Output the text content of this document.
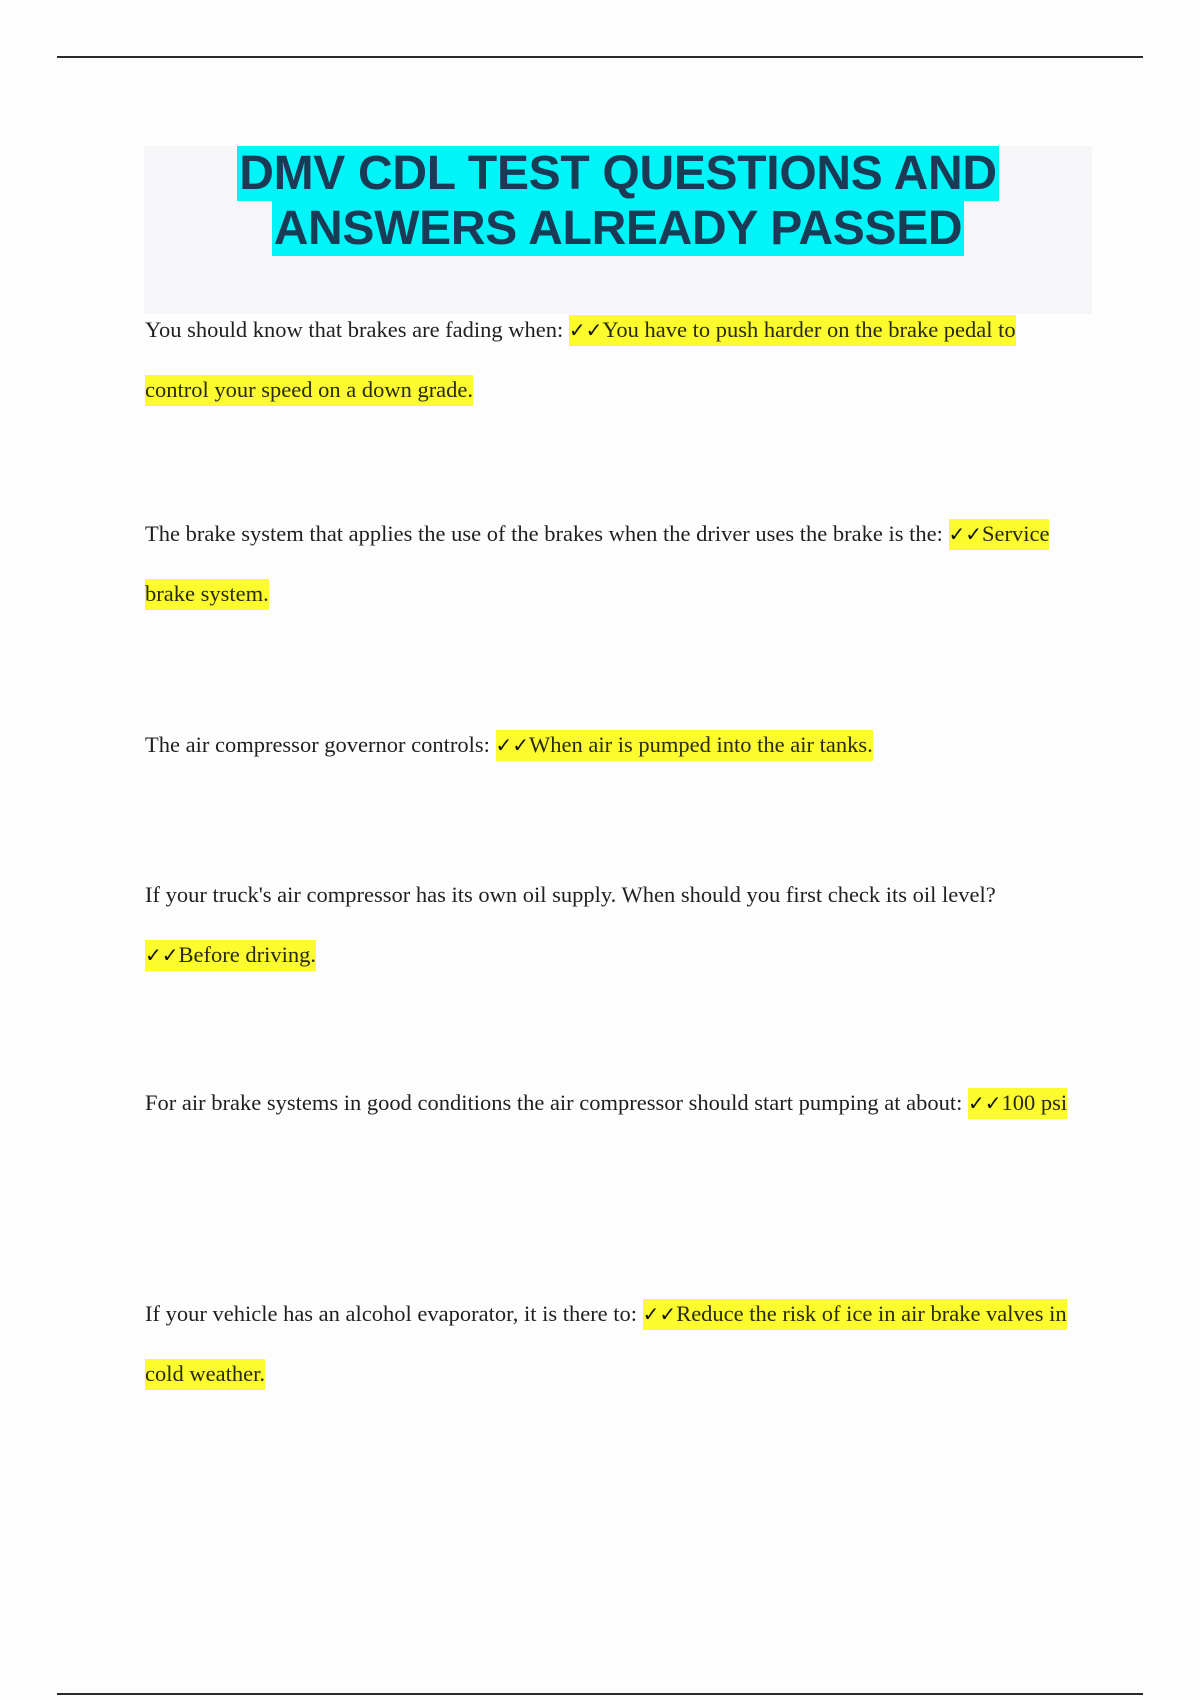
DMV CDL TEST QUESTIONS AND
ANSWERS ALREADY PASSED
You should know that brakes are fading when: ✓✓You have to push harder on the brake pedal to control your speed on a down grade.
The brake system that applies the use of the brakes when the driver uses the brake is the: ✓✓Service brake system.
The air compressor governor controls: ✓✓When air is pumped into the air tanks.
If your truck's air compressor has its own oil supply. When should you first check its oil level? ✓✓Before driving.
For air brake systems in good conditions the air compressor should start pumping at about: ✓✓100 psi
If your vehicle has an alcohol evaporator, it is there to: ✓✓Reduce the risk of ice in air brake valves in cold weather.
